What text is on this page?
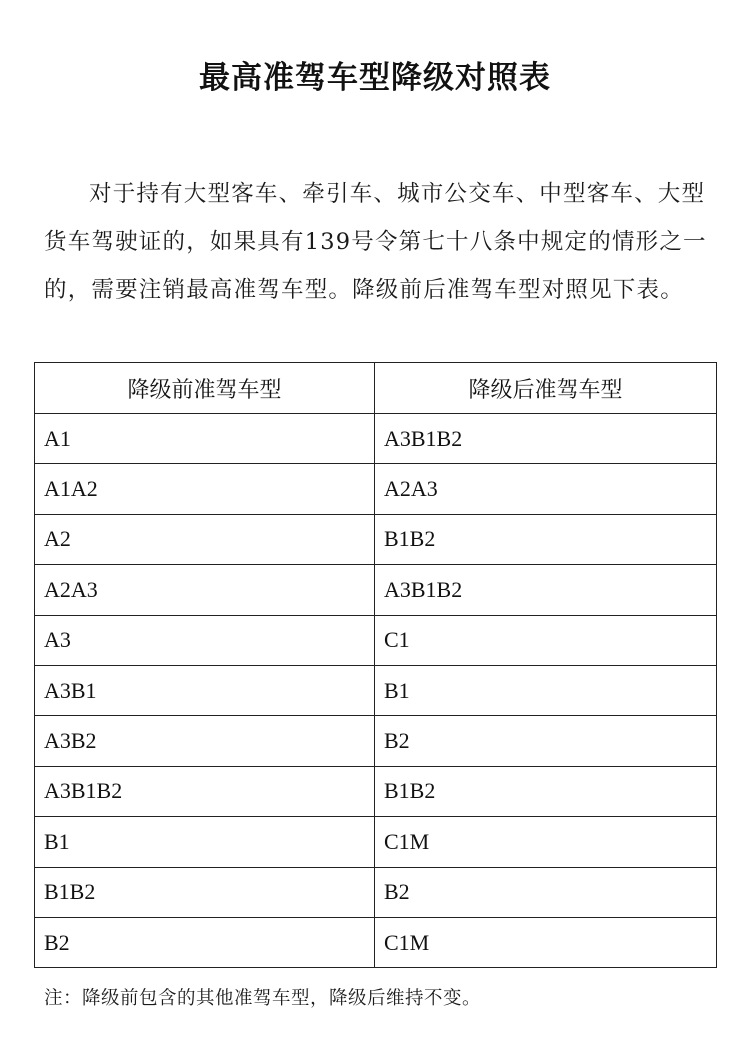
最高准驾车型降级对照表

对于持有大型客车、牵引车、城市公交车、中型客车、大型货车驾驶证的，如果具有139号令第七十八条中规定的情形之一的，需要注销最高准驾车型。降级前后准驾车型对照见下表。

降级前准驾车型	降级后准驾车型
A1	A3B1B2
A1A2	A2A3
A2	B1B2
A2A3	A3B1B2
A3	C1
A3B1	B1
A3B2	B2
A3B1B2	B1B2
B1	C1M
B1B2	B2
B2	C1M
注：降级前包含的其他准驾车型，降级后维持不变。
